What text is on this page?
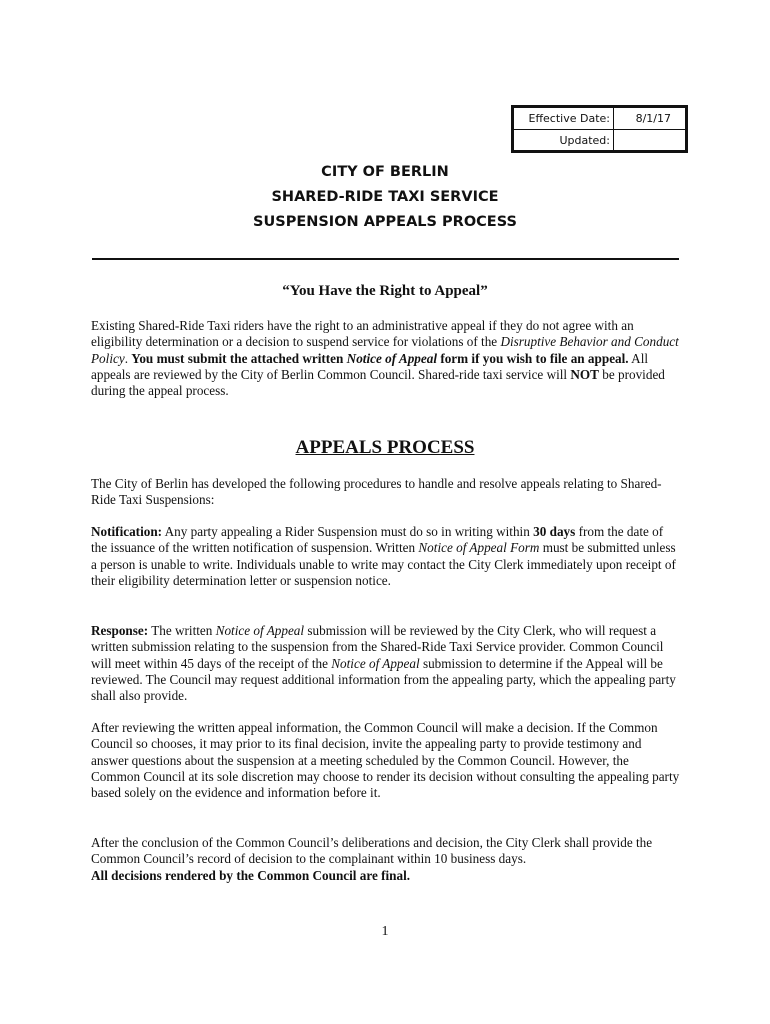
Effective Date:	8/1/17
Updated:
CITY OF BERLIN
SHARED-RIDE TAXI SERVICE
SUSPENSION APPEALS PROCESS
“You Have the Right to Appeal”

Existing Shared-Ride Taxi riders have the right to an administrative appeal if they do not agree with an eligibility determination or a decision to suspend service for violations of the Disruptive Behavior and Conduct Policy. You must submit the attached written Notice of Appeal form if you wish to file an appeal. All appeals are reviewed by the City of Berlin Common Council. Shared-ride taxi service will NOT be provided during the appeal process.

APPEALS PROCESS

The City of Berlin has developed the following procedures to handle and resolve appeals relating to Shared-Ride Taxi Suspensions:

Notification: Any party appealing a Rider Suspension must do so in writing within 30 days from the date of the issuance of the written notification of suspension. Written Notice of Appeal Form must be submitted unless a person is unable to write. Individuals unable to write may contact the City Clerk immediately upon receipt of their eligibility determination letter or suspension notice.

Response: The written Notice of Appeal submission will be reviewed by the City Clerk, who will request a written submission relating to the suspension from the Shared-Ride Taxi Service provider. Common Council will meet within 45 days of the receipt of the Notice of Appeal submission to determine if the Appeal will be reviewed. The Council may request additional information from the appealing party, which the appealing party shall also provide.

After reviewing the written appeal information, the Common Council will make a decision. If the Common Council so chooses, it may prior to its final decision, invite the appealing party to provide testimony and answer questions about the suspension at a meeting scheduled by the Common Council. However, the Common Council at its sole discretion may choose to render its decision without consulting the appealing party based solely on the evidence and information before it.

After the conclusion of the Common Council’s deliberations and decision, the City Clerk shall provide the Common Council’s record of decision to the complainant within 10 business days.
All decisions rendered by the Common Council are final.

1
